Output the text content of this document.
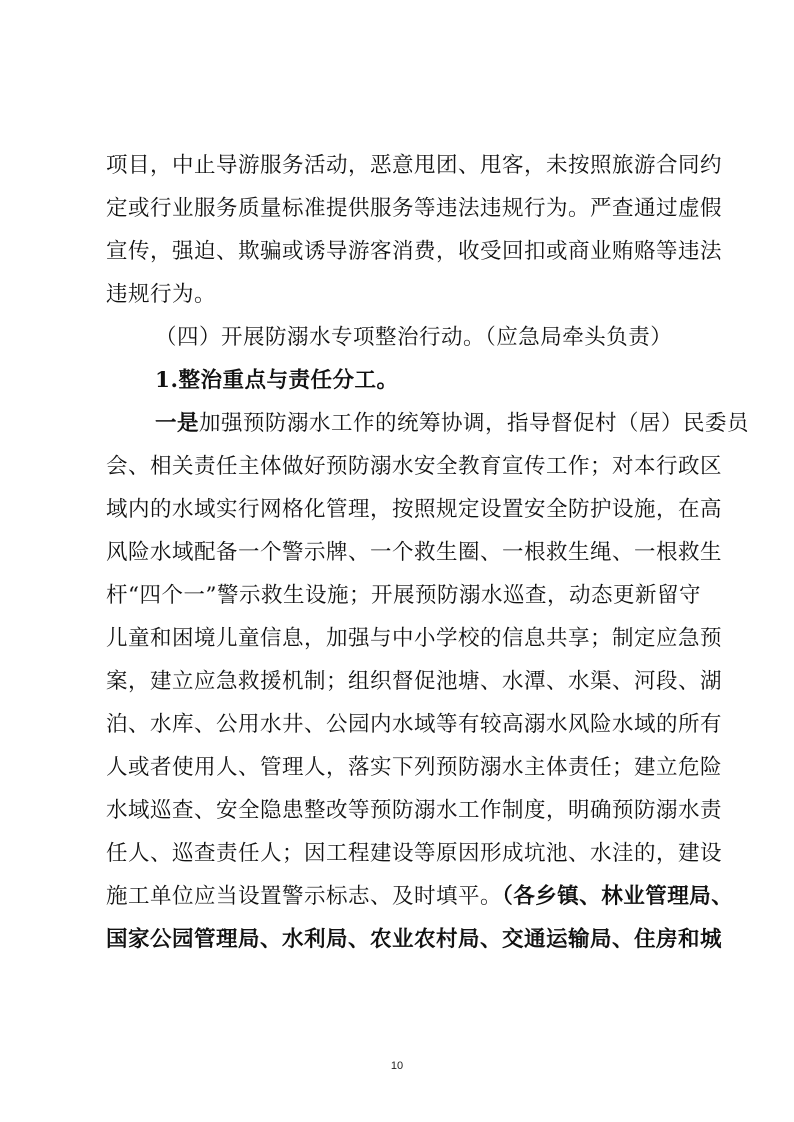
项目，中止导游服务活动，恶意甩团、甩客，未按照旅游合同约
定或行业服务质量标准提供服务等违法违规行为。严查通过虚假
宣传，强迫、欺骗或诱导游客消费，收受回扣或商业贿赂等违法
违规行为。
（四）开展防溺水专项整治行动。（应急局牵头负责）
1.整治重点与责任分工。
一是加强预防溺水工作的统筹协调，指导督促村（居）民委员
会、相关责任主体做好预防溺水安全教育宣传工作；对本行政区
域内的水域实行网格化管理，按照规定设置安全防护设施，在高
风险水域配备一个警示牌、一个救生圈、一根救生绳、一根救生
杆“四个一”警示救生设施；开展预防溺水巡查，动态更新留守
儿童和困境儿童信息，加强与中小学校的信息共享；制定应急预
案，建立应急救援机制；组织督促池塘、水潭、水渠、河段、湖
泊、水库、公用水井、公园内水域等有较高溺水风险水域的所有
人或者使用人、管理人，落实下列预防溺水主体责任；建立危险
水域巡查、安全隐患整改等预防溺水工作制度，明确预防溺水责
任人、巡查责任人；因工程建设等原因形成坑池、水洼的，建设
施工单位应当设置警示标志、及时填平。（各乡镇、林业管理局、
国家公园管理局、水利局、农业农村局、交通运输局、住房和城
10
